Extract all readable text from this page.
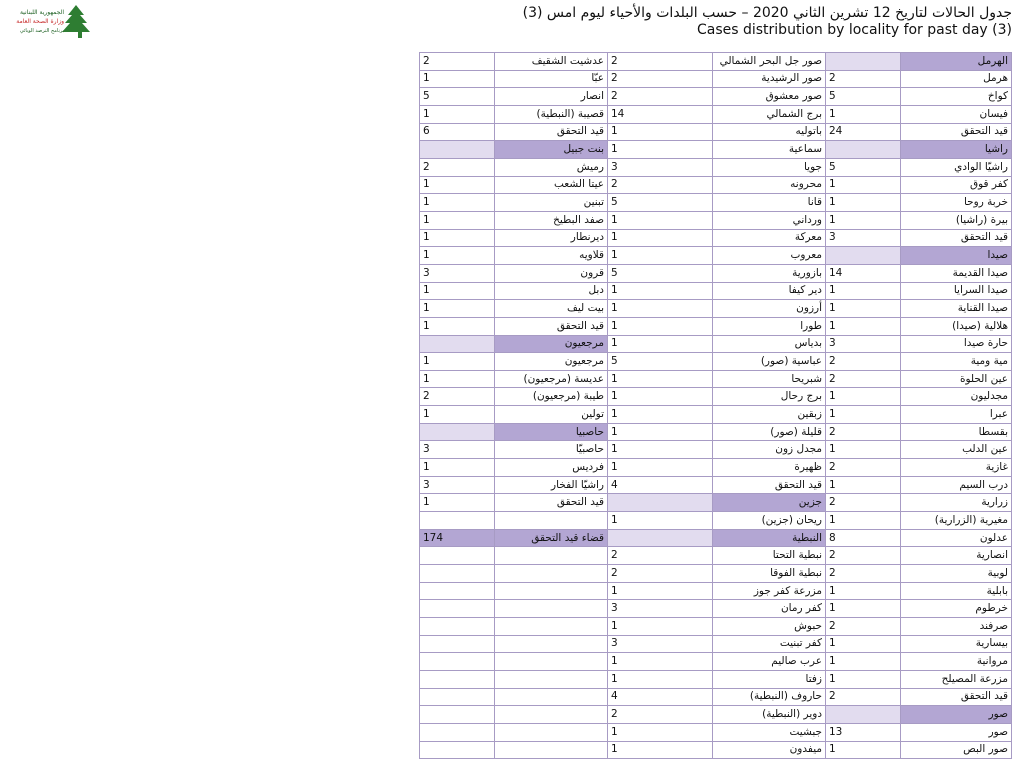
الجمهورية اللبنانية
وزارة الصحة العامة
برنامج الترصد الوبائي
جدول الحالات لتاريخ 12 تشرين الثاني 2020 – حسب البلدات والأحياء ليوم امس (3)
Cases distribution by locality for past day (3)
2	عدشيت الشقيف	2	صور جل البحر الشمالي		الهرمل
1	عبّا	2	صور الرشيدية	2	هرمل
5	انصار	2	صور معشوق	5	كواخ
1	قصيبة (النبطية)	14	برج الشمالي	1	فيسان
6	قيد التحقق	1	باتوليه	24	قيد التحقق
	بنت جبيل	1	سماعية		راشيا
2	رميش	3	جويا	5	راشيّا الوادي
1	عيتا الشعب	2	محرونه	1	كفر قوق
1	تبنين	5	قانا	1	خربة روحا
1	صفد البطيخ	1	ورداني	1	بيرة (راشيا)
1	ديرنطار	1	معركة	3	قيد التحقق
1	قلاويه	1	معروب		صيدا
3	قرون	5	بازورية	14	صيدا القديمة
1	دبل	1	دير كيفا	1	صيدا السرايا
1	بيت ليف	1	أرزون	1	صيدا القناية
1	قيد التحقق	1	طورا	1	هلالية (صيدا)
	مرجعيون	1	بدياس	3	حارة صيدا
1	مرجعيون	5	عباسية (صور)	2	مية ومية
1	عديسة (مرجعيون)	1	شبريحا	2	عين الحلوة
2	طيبة (مرجعيون)	1	برج رحال	1	مجدليون
1	تولين	1	زبقين	1	عبرا
	حاصبيا	1	قليلة (صور)	2	بقسطا
3	حاصبيّا	1	مجدل زون	1	عين الدلب
1	فرديس	1	ظهيرة	2	غازية
3	راشيّا الفخار	4	قيد التحقق	1	درب السيم
1	قيد التحقق		جزين	2	زرارية
		1	ريحان (جزين)	1	مغيرية (الزرارية)
174	قضاء قيد التحقق		النبطية	8	عدلون
		2	نبطية التحتا	2	انصارية
		2	نبطية الفوقا	2	لوبية
		1	مزرعة كفر جوز	1	بابلية
		3	كفر رمان	1	خرطوم
		1	حبوش	2	صرفند
		3	كفر تبنيت	1	بيسارية
		1	عرب صاليم	1	مروانية
		1	زفتا	1	مزرعة المصيلح
		4	حاروف (النبطية)	2	قيد التحقق
		2	دوير (النبطية)		صور
		1	جبشيت	13	صور
		1	ميفدون	1	صور البص
